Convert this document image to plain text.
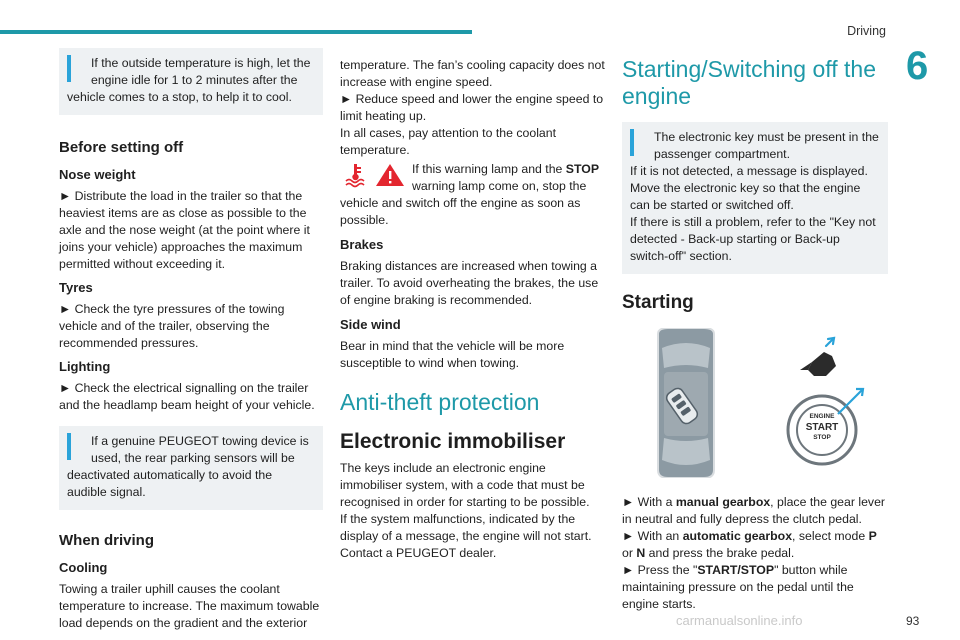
Driving
6

If the outside temperature is high, let the engine idle for 1 to 2 minutes after the

vehicle comes to a stop, to help it to cool.

Before setting off
Nose weight

► Distribute the load in the trailer so that the heaviest items are as close as possible to the axle and the nose weight (at the point where it joins your vehicle) approaches the maximum permitted without exceeding it.

Tyres

► Check the tyre pressures of the towing vehicle and of the trailer, observing the recommended pressures.

Lighting

► Check the electrical signalling on the trailer and the headlamp beam height of your vehicle.

If a genuine PEUGEOT towing device is used, the rear parking sensors will be

deactivated automatically to avoid the audible signal.

When driving
Cooling

Towing a trailer uphill causes the coolant temperature to increase. The maximum towable load depends on the gradient and the exterior

temperature. The fan’s cooling capacity does not increase with engine speed.

► Reduce speed and lower the engine speed to limit heating up.

In all cases, pay attention to the coolant temperature.

If this warning lamp and the STOP

warning lamp come on, stop the

vehicle and switch off the engine as soon as possible.

Brakes

Braking distances are increased when towing a trailer. To avoid overheating the brakes, the use of engine braking is recommended.

Side wind

Bear in mind that the vehicle will be more susceptible to wind when towing.

Anti-theft protection
Electronic immobiliser

The keys include an electronic engine immobiliser system, with a code that must be recognised in order for starting to be possible.

If the system malfunctions, indicated by the display of a message, the engine will not start.

Contact a PEUGEOT dealer.

Starting/Switching off the engine

The electronic key must be present in the passenger compartment.

If it is not detected, a message is displayed. Move the electronic key so that the engine can be started or switched off.

If there is still a problem, refer to the "Key not detected - Back-up starting or Back-up switch-off" section.

Starting
ENGINE
START
STOP

► With a manual gearbox, place the gear lever in neutral and fully depress the clutch pedal.

► With an automatic gearbox, select mode P or N and press the brake pedal.

► Press the "START/STOP" button while maintaining pressure on the pedal until the engine starts.

carmanualsonline.info	93
